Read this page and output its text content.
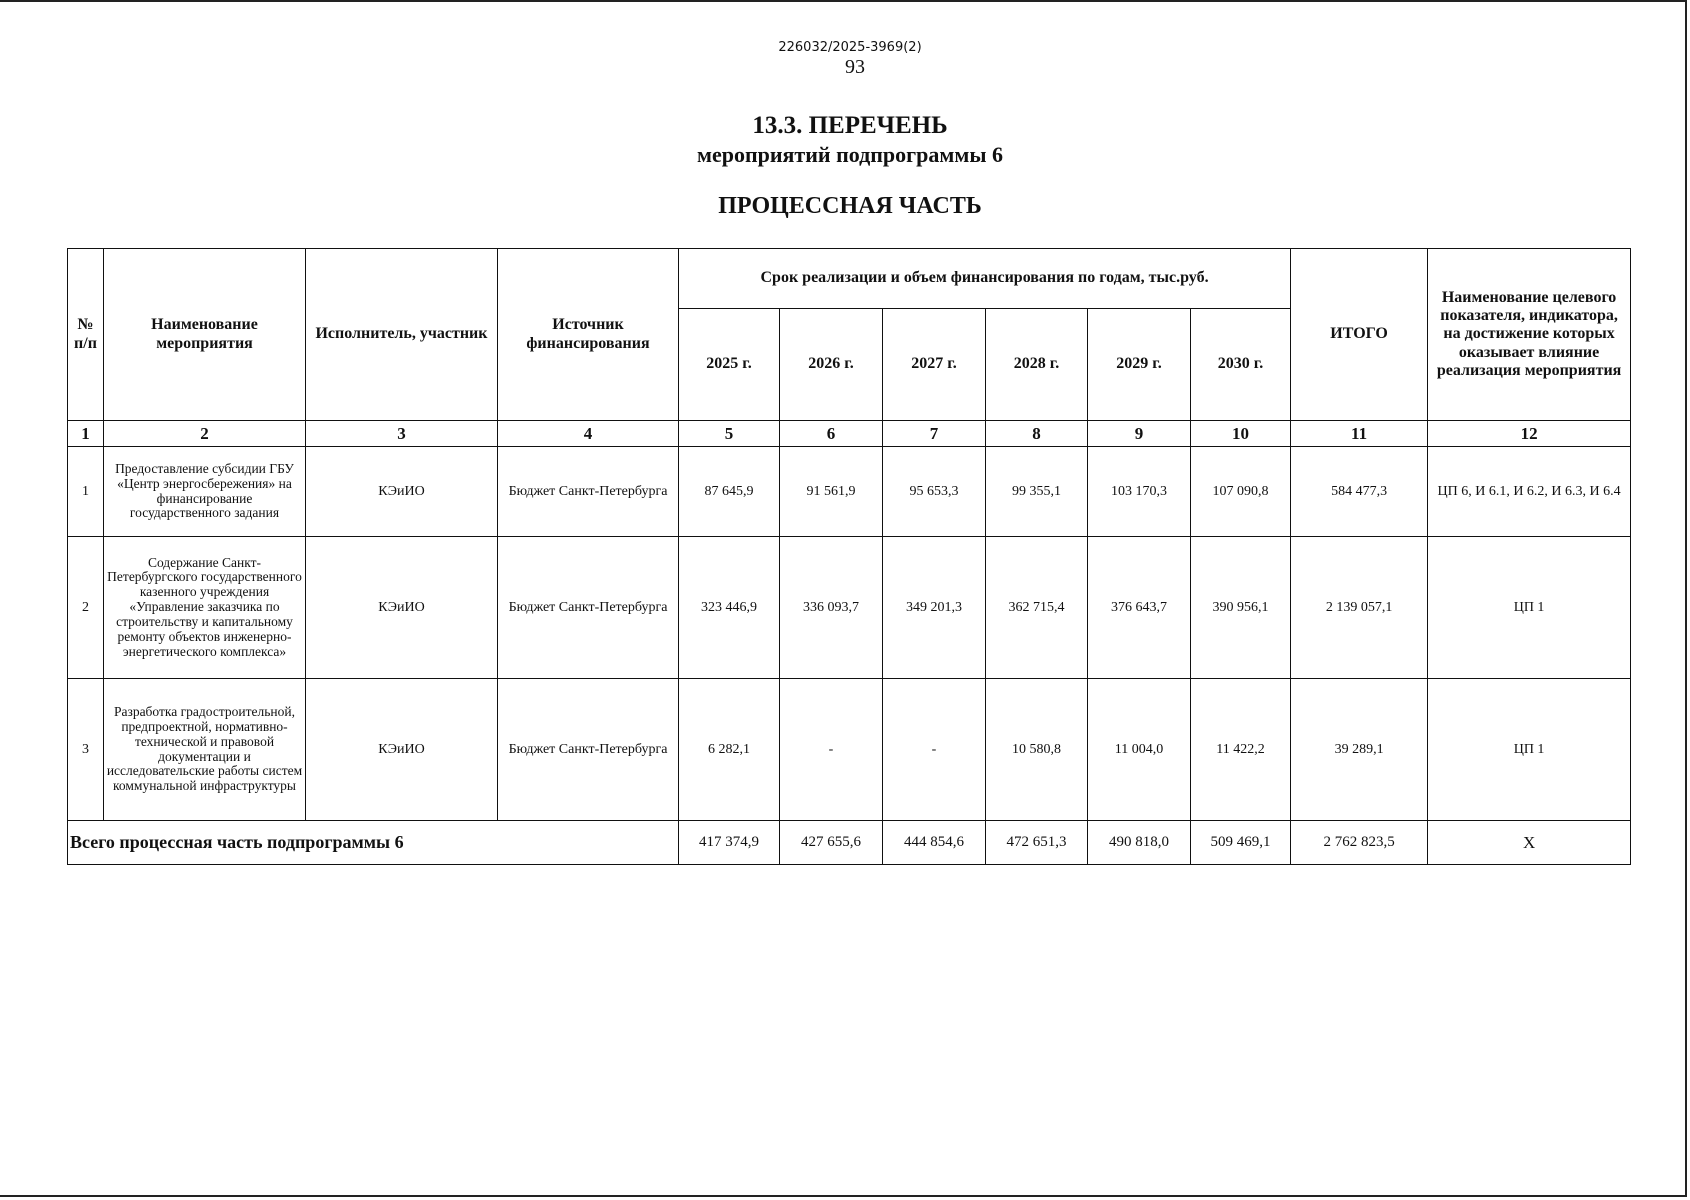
226032/2025-3969(2)
93
13.3. ПЕРЕЧЕНЬ
мероприятий подпрограммы 6
ПРОЦЕССНАЯ ЧАСТЬ
№ п/п	Наименование мероприятия	Исполнитель, участник	Источник финансирования	Срок реализации и объем финансирования по годам, тыс.руб.						ИТОГО	Наименование целевого показателя, индикатора, на достижение которых оказывает влияние реализация мероприятия
				2025 г.	2026 г.	2027 г.	2028 г.	2029 г.	2030 г.		
1	2	3	4	5	6	7	8	9	10	11	12
1	Предоставление субсидии ГБУ «Центр энергосбережения» на финансирование государственного задания	КЭиИО	Бюджет Санкт-Петербурга	87 645,9	91 561,9	95 653,3	99 355,1	103 170,3	107 090,8	584 477,3	ЦП 6, И 6.1, И 6.2, И 6.3, И 6.4
2	Содержание Санкт-Петербургского государственного казенного учреждения «Управление заказчика по строительству и капитальному ремонту объектов инженерно-энергетического комплекса»	КЭиИО	Бюджет Санкт-Петербурга	323 446,9	336 093,7	349 201,3	362 715,4	376 643,7	390 956,1	2 139 057,1	ЦП 1
3	Разработка градостроительной, предпроектной, нормативно-технической и правовой документации и исследовательские работы систем коммунальной инфраструктуры	КЭиИО	Бюджет Санкт-Петербурга	6 282,1	-	-	10 580,8	11 004,0	11 422,2	39 289,1	ЦП 1
Всего процессная часть подпрограммы 6				417 374,9	427 655,6	444 854,6	472 651,3	490 818,0	509 469,1	2 762 823,5	X
